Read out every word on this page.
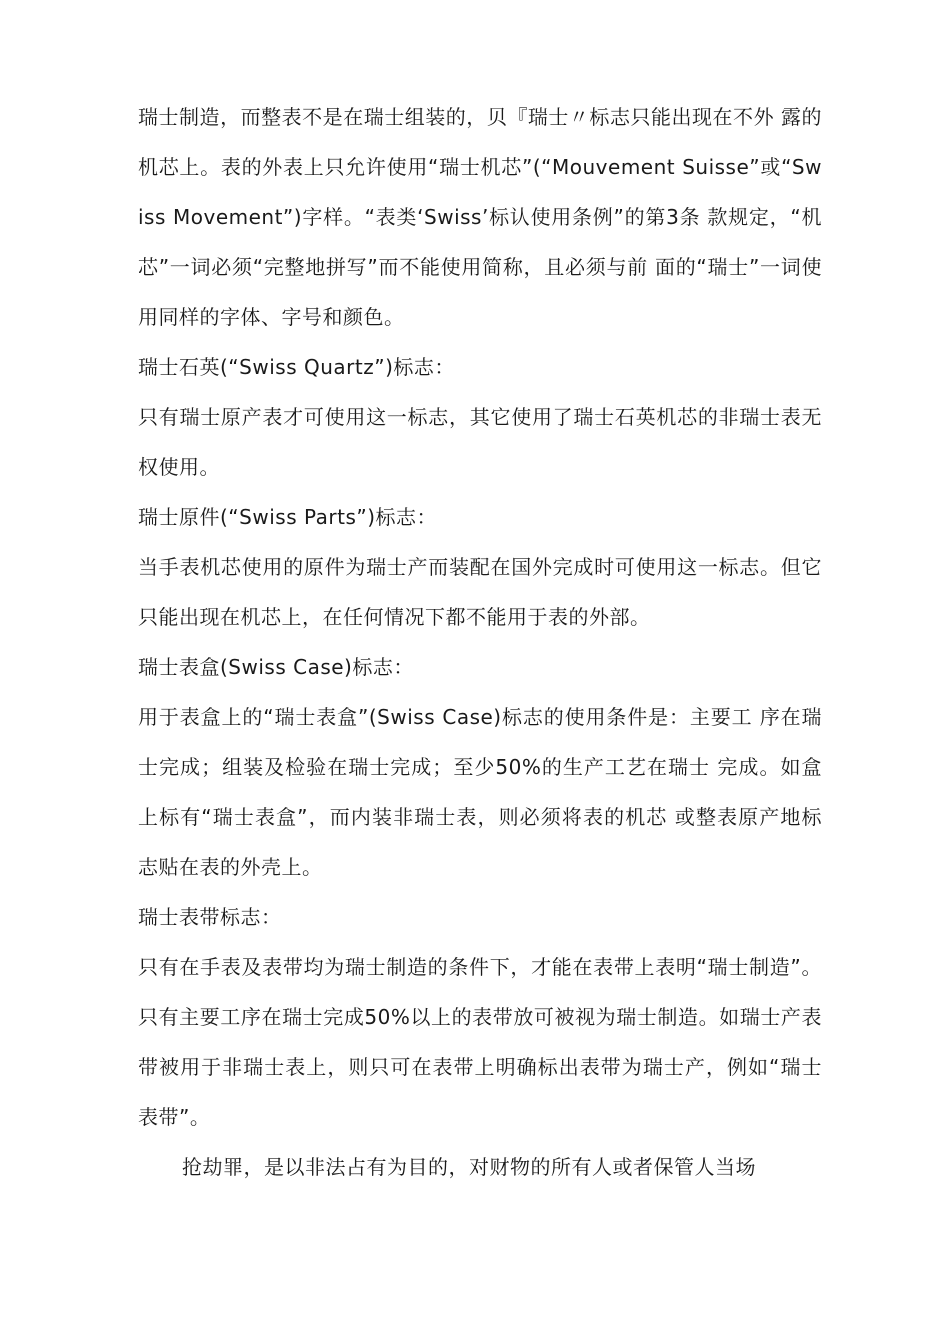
瑞士制造，而整表不是在瑞士组装的，贝『瑞士〃标志只能出现在不外 露的机芯上。表的外表上只允许使用“瑞士机芯”(“Mouvement Suisse”或“Swiss Movement”)字样。“表类‘Swiss’标认使用条例”的第3条 款规定，“机芯”一词必须“完整地拼写”而不能使用简称，且必须与前 面的“瑞士”一词使用同样的字体、字号和颜色。

瑞士石英(“Swiss Quartz”)标志：

只有瑞士原产表才可使用这一标志，其它使用了瑞士石英机芯的非瑞士表无权使用。

瑞士原件(“Swiss Parts”)标志：

当手表机芯使用的原件为瑞士产而装配在国外完成时可使用这一标志。但它只能出现在机芯上，在任何情况下都不能用于表的外部。

瑞士表盒(Swiss Case)标志：

用于表盒上的“瑞士表盒”(Swiss Case)标志的使用条件是：主要工 序在瑞士完成；组装及检验在瑞士完成；至少50%的生产工艺在瑞士 完成。如盒上标有“瑞士表盒”，而内装非瑞士表，则必须将表的机芯 或整表原产地标志贴在表的外壳上。

瑞士表带标志：

只有在手表及表带均为瑞士制造的条件下，才能在表带上表明“瑞士制造”。只有主要工序在瑞士完成50%以上的表带放可被视为瑞士制造。如瑞士产表带被用于非瑞士表上，则只可在表带上明确标出表带为瑞士产，例如“瑞士表带”。

抢劫罪，是以非法占有为目的，对财物的所有人或者保管人当场
